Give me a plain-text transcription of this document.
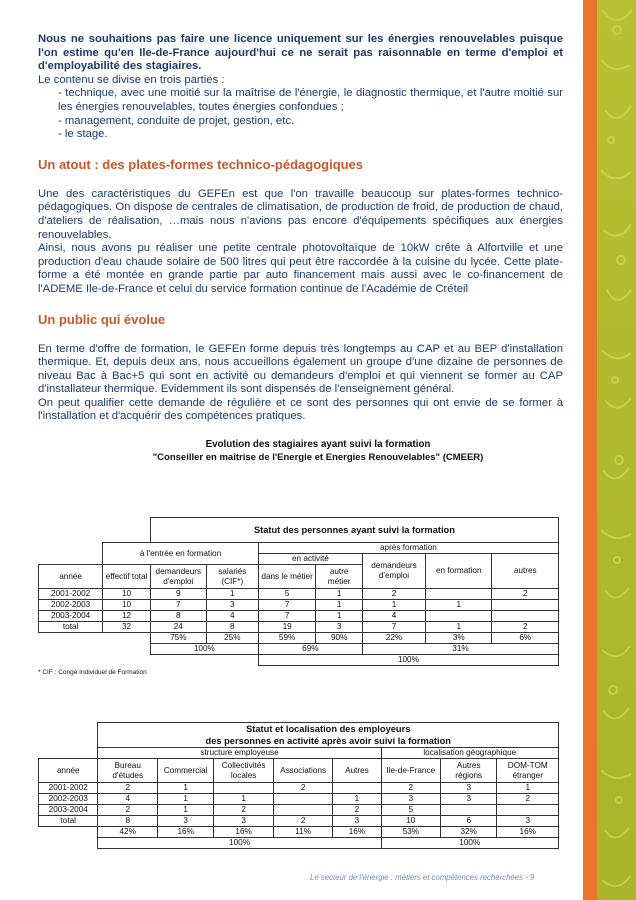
Nous ne souhaitions pas faire une licence uniquement sur les énergies renouvelables puisque l'on estime qu'en Ile-de-France aujourd'hui ce ne serait pas raisonnable en terme d'emploi et d'employabilité des stagiaires.

Le contenu se divise en trois parties :

- technique, avec une moitié sur la maîtrise de l'énergie, le diagnostic thermique, et l'autre moitié sur les énergies renouvelables, toutes énergies confondues ;

- management, conduite de projet, gestion, etc.

- le stage.

Un atout : des plates-formes technico-pédagogiques

Une des caractéristiques du GEFEn est que l'on travaille beaucoup sur plates-formes technico-pédagogiques. On dispose de centrales de climatisation, de production de froid, de production de chaud, d'ateliers de réalisation, …mais nous n'avions pas encore d'équipements spécifiques aux énergies renouvelables.

Ainsi, nous avons pu réaliser une petite centrale photovoltaïque de 10kW crête à Alfortville et une production d'eau chaude solaire de 500 litres qui peut être raccordée à la cuisine du lycée. Cette plate-forme a été montée en grande partie par auto financement mais aussi avec le co-financement de l'ADEME Ile-de-France et celui du service formation continue de l'Académie de Créteil

Un public qui évolue

En terme d'offre de formation, le GEFEn forme depuis très longtemps au CAP et au BEP d'installation thermique. Et, depuis deux ans, nous accueillons également un groupe d'une dizaine de personnes de niveau Bac à Bac+5 qui sont en activité ou demandeurs d'emploi et qui viennent se former au CAP d'installateur thermique. Evidemment ils sont dispensés de l'enseignement général.

On peut qualifier cette demande de régulière et ce sont des personnes qui ont envie de se former à l'installation et d'acquérir des compétences pratiques.

Evolution des stagiaires ayant suivi la formation
"Conseiller en maîtrise de l'Energie et Energies Renouvelables" (CMEER)
		Statut des personnes ayant suivi la formation						
	à l'entrée en formation			après formation				
				en activité		demandeurs d'emploi	en formation	autres
année	effectif total	demandeurs d'emploi	salariés (CIF*)	dans le métier	autre métier			
2001-2002	10	9	1	5	1	2		2
2002-2003	10	7	3	7	1	1	1	
2003-2004	12	8	4	7	1	4		
total	32	24	8	19	3	7	1	2
		75%	25%	59%	90%	22%	3%	6%
		100%		69%		31%		
				100%				
* CIF : Congé Individuel de Formation

	Statut et localisation des employeurs
des personnes en activité après avoir suivi la formation							

	structure employeuse					localisation géographique		
année	Bureau d'études	Commercial	Collectivités locales	Associations	Autres	Ile-de-France	Autres régions	DOM-TOM étranger
2001-2002	2	1		2		2	3	1
2002-2003	4	1	1		1	3	3	2
2003-2004	2	1	2		2	5		
total	8	3	3	2	3	10	6	3
	42%	16%	16%	11%	16%	53%	32%	16%
	100%					100%		
Le secteur de l'énergie : métiers et compétences recherchées - 9
